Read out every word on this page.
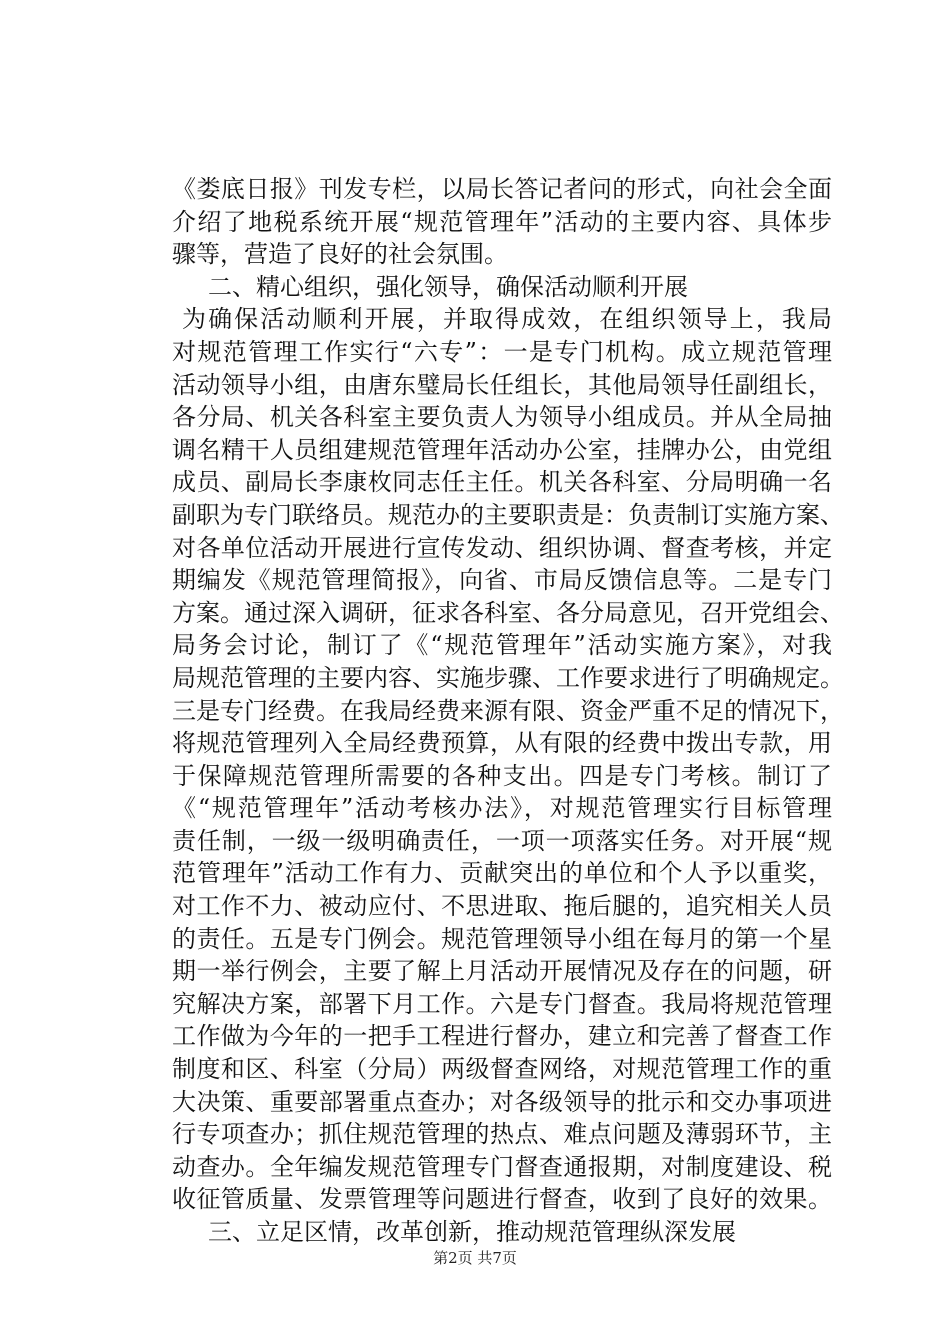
《娄底日报》刊发专栏，以局长答记者问的形式，向社会全面
介绍了地税系统开展“规范管理年”活动的主要内容、具体步
骤等，营造了良好的社会氛围。
二、精心组织，强化领导，确保活动顺利开展
为确保活动顺利开展，并取得成效，在组织领导上，我局
对规范管理工作实行“六专”：一是专门机构。成立规范管理
活动领导小组，由唐东璧局长任组长，其他局领导任副组长，
各分局、机关各科室主要负责人为领导小组成员。并从全局抽
调名精干人员组建规范管理年活动办公室，挂牌办公，由党组
成员、副局长李康枚同志任主任。机关各科室、分局明确一名
副职为专门联络员。规范办的主要职责是：负责制订实施方案、
对各单位活动开展进行宣传发动、组织协调、督查考核，并定
期编发《规范管理简报》，向省、市局反馈信息等。二是专门
方案。通过深入调研，征求各科室、各分局意见，召开党组会、
局务会讨论，制订了《“规范管理年”活动实施方案》，对我
局规范管理的主要内容、实施步骤、工作要求进行了明确规定。
三是专门经费。在我局经费来源有限、资金严重不足的情况下，
将规范管理列入全局经费预算，从有限的经费中拨出专款，用
于保障规范管理所需要的各种支出。四是专门考核。制订了
《“规范管理年”活动考核办法》，对规范管理实行目标管理
责任制，一级一级明确责任，一项一项落实任务。对开展“规
范管理年”活动工作有力、贡献突出的单位和个人予以重奖，
对工作不力、被动应付、不思进取、拖后腿的，追究相关人员
的责任。五是专门例会。规范管理领导小组在每月的第一个星
期一举行例会，主要了解上月活动开展情况及存在的问题，研
究解决方案，部署下月工作。六是专门督查。我局将规范管理
工作做为今年的一把手工程进行督办，建立和完善了督查工作
制度和区、科室（分局）两级督查网络，对规范管理工作的重
大决策、重要部署重点查办；对各级领导的批示和交办事项进
行专项查办；抓住规范管理的热点、难点问题及薄弱环节，主
动查办。全年编发规范管理专门督查通报期，对制度建设、税
收征管质量、发票管理等问题进行督查，收到了良好的效果。
三、立足区情，改革创新，推动规范管理纵深发展
第2页 共7页
